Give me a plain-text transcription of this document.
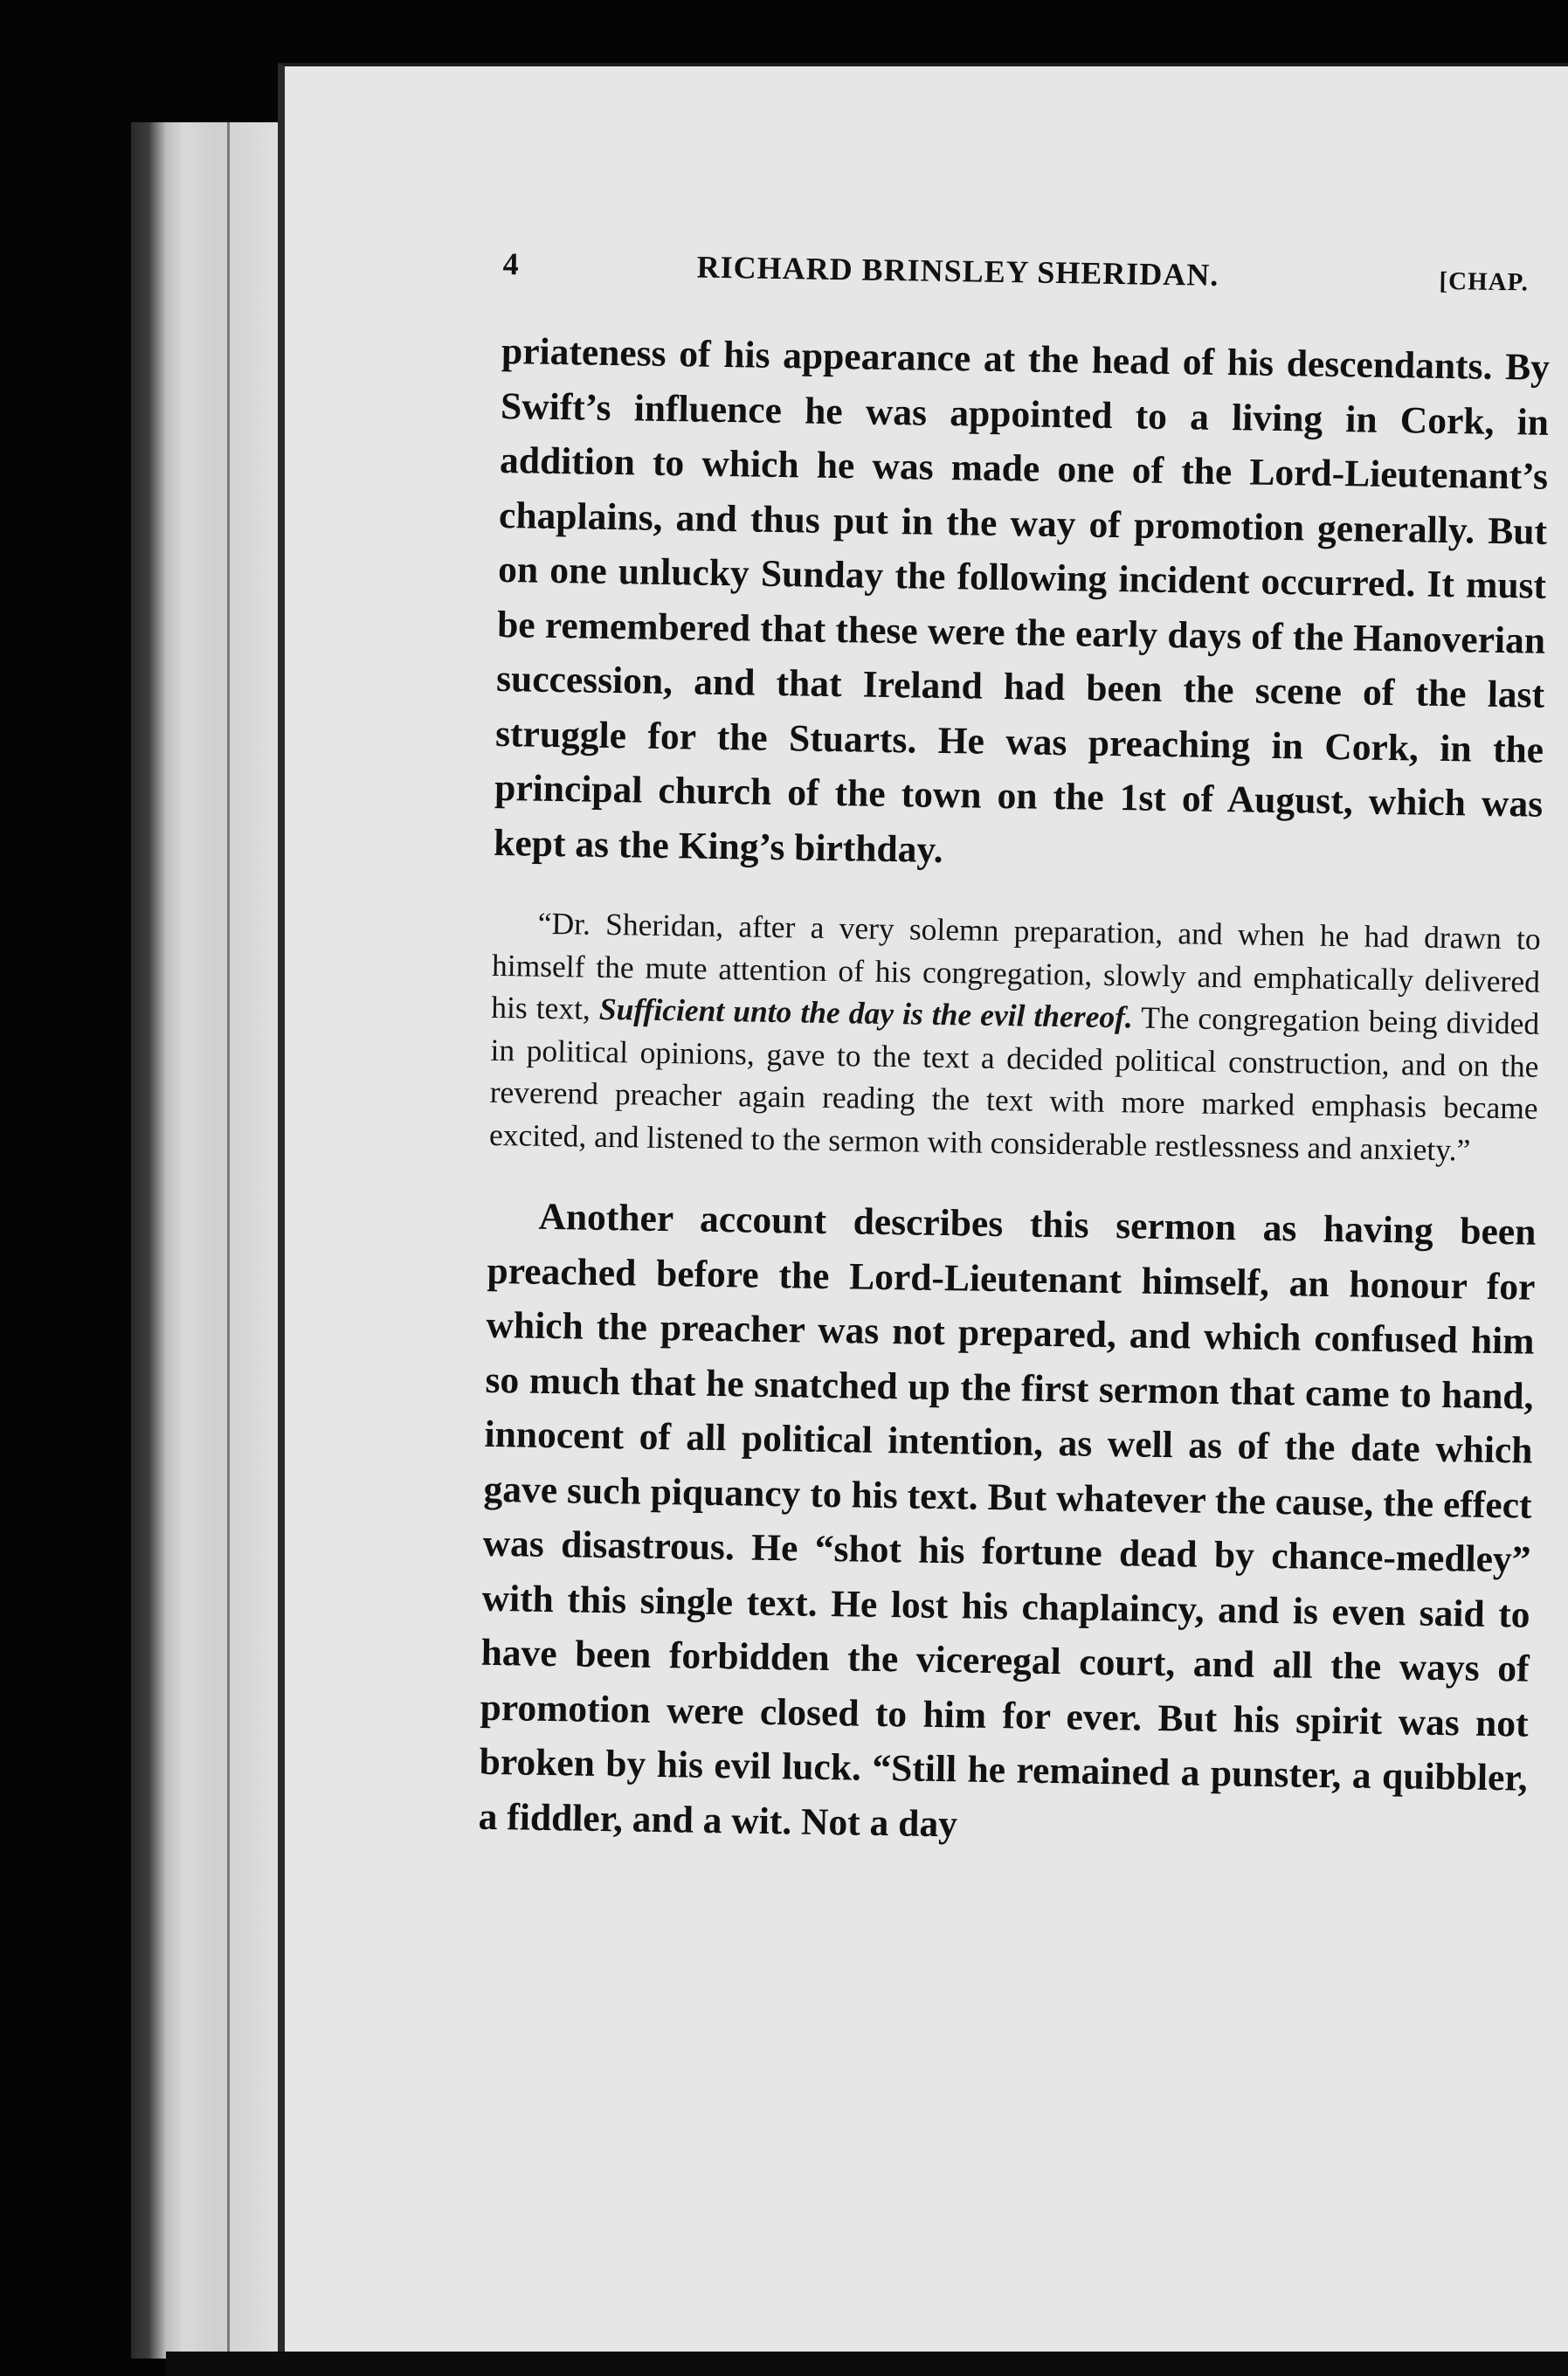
4	RICHARD BRINSLEY SHERIDAN.	[CHAP.

priateness of his appearance at the head of his descendants. By Swift’s influence he was appointed to a living in Cork, in addition to which he was made one of the Lord-Lieutenant’s chaplains, and thus put in the way of promotion generally. But on one unlucky Sunday the following incident occurred. It must be remembered that these were the early days of the Hanoverian succession, and that Ireland had been the scene of the last struggle for the Stuarts. He was preaching in Cork, in the principal church of the town on the 1st of August, which was kept as the King’s birthday.

“Dr. Sheridan, after a very solemn preparation, and when he had drawn to himself the mute attention of his congregation, slowly and emphatically delivered his text, Sufficient unto the day is the evil thereof. The congregation being divided in political opinions, gave to the text a decided political construction, and on the reverend preacher again reading the text with more marked emphasis became excited, and listened to the sermon with considerable restlessness and anxiety.”

Another account describes this sermon as having been preached before the Lord-Lieutenant himself, an honour for which the preacher was not prepared, and which confused him so much that he snatched up the first sermon that came to hand, innocent of all political intention, as well as of the date which gave such piquancy to his text. But whatever the cause, the effect was disastrous. He “shot his fortune dead by chance-medley” with this single text. He lost his chaplaincy, and is even said to have been forbidden the viceregal court, and all the ways of promotion were closed to him for ever. But his spirit was not broken by his evil luck. “Still he remained a punster, a quibbler, a fiddler, and a wit. Not a day
